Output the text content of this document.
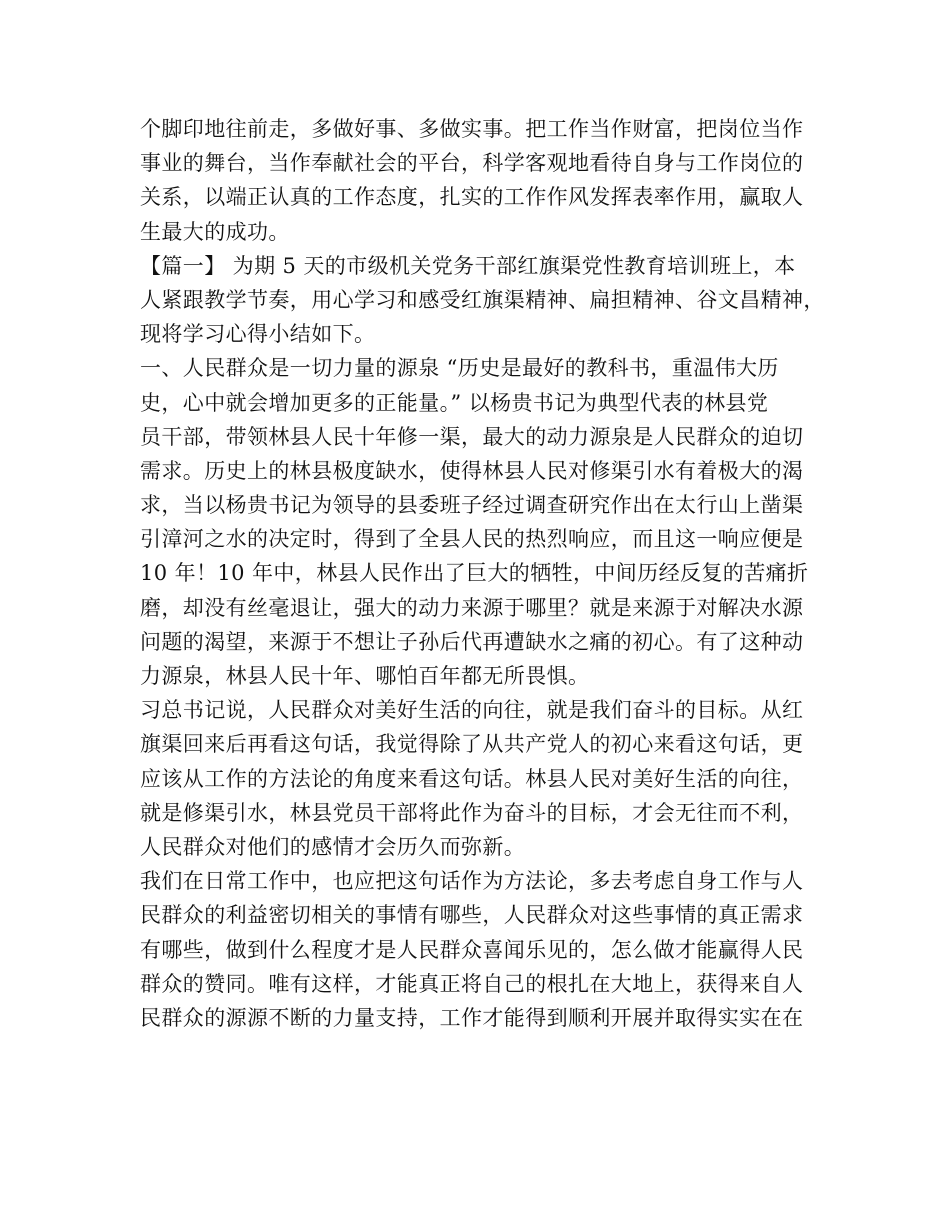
个脚印地往前走，多做好事、多做实事。把工作当作财富，把岗位当作
事业的舞台，当作奉献社会的平台，科学客观地看待自身与工作岗位的
关系，以端正认真的工作态度，扎实的工作作风发挥表率作用，赢取人
生最大的成功。
【篇一】 为期 5 天的市级机关党务干部红旗渠党性教育培训班上，本
人紧跟教学节奏，用心学习和感受红旗渠精神、扁担精神、谷文昌精神，
现将学习心得小结如下。
一、人民群众是一切力量的源泉 “历史是最好的教科书，重温伟大历
史，心中就会增加更多的正能量。” 以杨贵书记为典型代表的林县党
员干部，带领林县人民十年修一渠，最大的动力源泉是人民群众的迫切
需求。历史上的林县极度缺水，使得林县人民对修渠引水有着极大的渴
求，当以杨贵书记为领导的县委班子经过调查研究作出在太行山上凿渠
引漳河之水的决定时，得到了全县人民的热烈响应，而且这一响应便是
10 年！10 年中，林县人民作出了巨大的牺牲，中间历经反复的苦痛折
磨，却没有丝毫退让，强大的动力来源于哪里？就是来源于对解决水源
问题的渴望，来源于不想让子孙后代再遭缺水之痛的初心。有了这种动
力源泉，林县人民十年、哪怕百年都无所畏惧。
习总书记说，人民群众对美好生活的向往，就是我们奋斗的目标。从红
旗渠回来后再看这句话，我觉得除了从共产党人的初心来看这句话，更
应该从工作的方法论的角度来看这句话。林县人民对美好生活的向往，
就是修渠引水，林县党员干部将此作为奋斗的目标，才会无往而不利，
人民群众对他们的感情才会历久而弥新。
我们在日常工作中，也应把这句话作为方法论，多去考虑自身工作与人
民群众的利益密切相关的事情有哪些，人民群众对这些事情的真正需求
有哪些，做到什么程度才是人民群众喜闻乐见的，怎么做才能赢得人民
群众的赞同。唯有这样，才能真正将自己的根扎在大地上，获得来自人
民群众的源源不断的力量支持，工作才能得到顺利开展并取得实实在在
